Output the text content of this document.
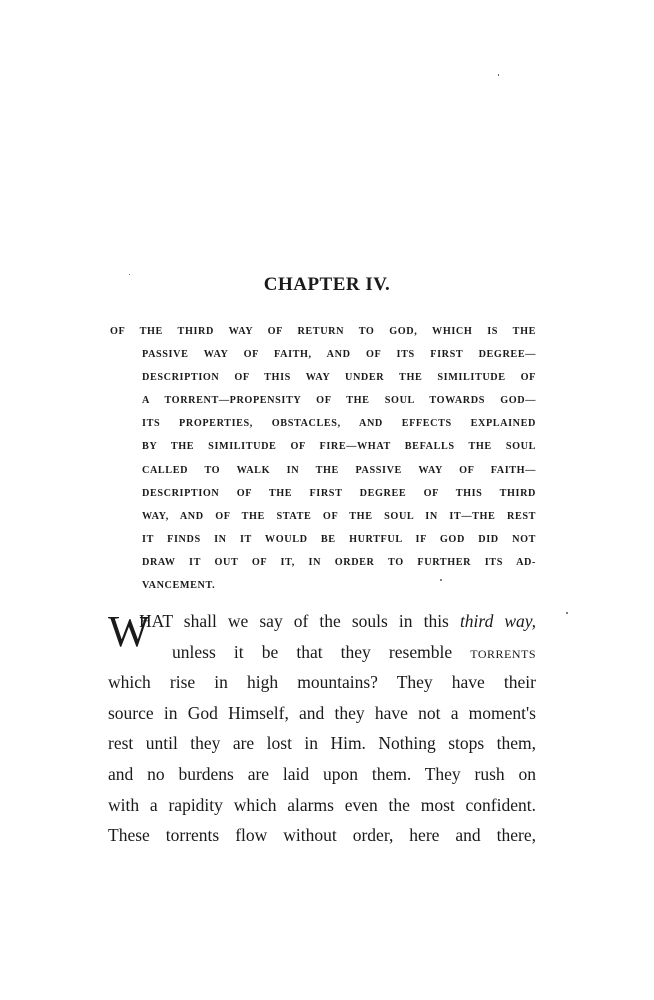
CHAPTER IV.
OF THE THIRD WAY OF RETURN TO GOD, WHICH IS THE
PASSIVE WAY OF FAITH, AND OF ITS FIRST DEGREE—
DESCRIPTION OF THIS WAY UNDER THE SIMILITUDE OF
A TORRENT—PROPENSITY OF THE SOUL TOWARDS GOD—
ITS PROPERTIES, OBSTACLES, AND EFFECTS EXPLAINED
BY THE SIMILITUDE OF FIRE—WHAT BEFALLS THE SOUL
CALLED TO WALK IN THE PASSIVE WAY OF FAITH—
DESCRIPTION OF THE FIRST DEGREE OF THIS THIRD
WAY, AND OF THE STATE OF THE SOUL IN IT—THE REST
IT FINDS IN IT WOULD BE HURTFUL IF GOD DID NOT
DRAW IT OUT OF IT, IN ORDER TO FURTHER ITS AD-
VANCEMENT.
W
HAT shall we say of the souls in this third way,
unless it be that they resemble torrents
which rise in high mountains? They have their
source in God Himself, and they have not a moment's
rest until they are lost in Him. Nothing stops them,
and no burdens are laid upon them. They rush on
with a rapidity which alarms even the most confident.
These torrents flow without order, here and there,
